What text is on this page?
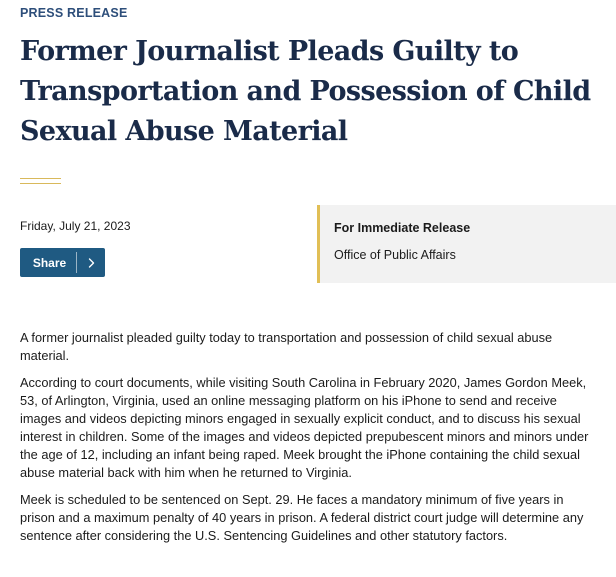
PRESS RELEASE
Former Journalist Pleads Guilty to Transportation and Possession of Child Sexual Abuse Material
Friday, July 21, 2023
Share
For Immediate Release
Office of Public Affairs

A former journalist pleaded guilty today to transportation and possession of child sexual abuse material.

According to court documents, while visiting South Carolina in February 2020, James Gordon Meek, 53, of Arlington, Virginia, used an online messaging platform on his iPhone to send and receive images and videos depicting minors engaged in sexually explicit conduct, and to discuss his sexual interest in children. Some of the images and videos depicted prepubescent minors and minors under the age of 12, including an infant being raped. Meek brought the iPhone containing the child sexual abuse material back with him when he returned to Virginia.

Meek is scheduled to be sentenced on Sept. 29. He faces a mandatory minimum of five years in prison and a maximum penalty of 40 years in prison. A federal district court judge will determine any sentence after considering the U.S. Sentencing Guidelines and other statutory factors.
